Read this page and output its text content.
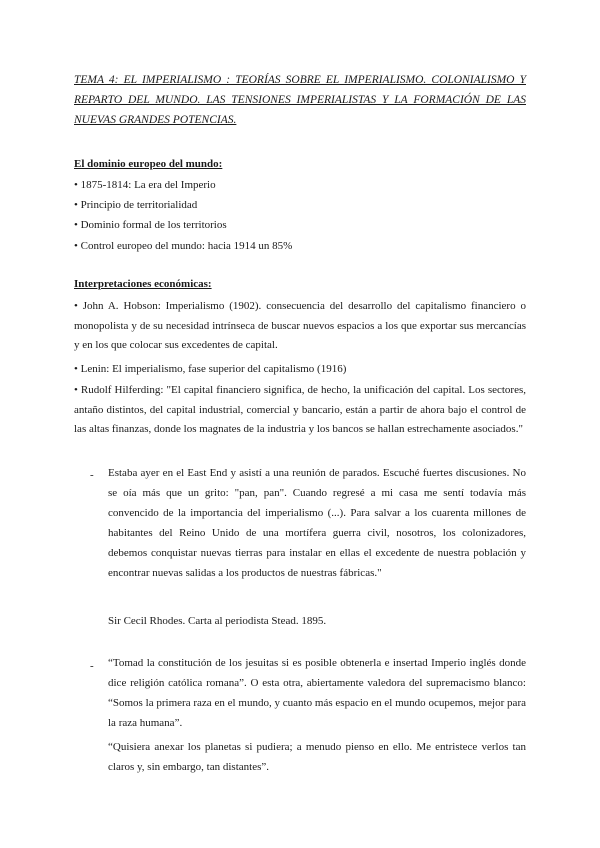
TEMA 4: EL IMPERIALISMO : TEORÍAS SOBRE EL IMPERIALISMO. COLONIALISMO Y REPARTO DEL MUNDO. LAS TENSIONES IMPERIALISTAS Y LA FORMACIÓN DE LAS NUEVAS GRANDES POTENCIAS.
El dominio europeo del mundo:
• 1875-1814: La era del Imperio
• Principio de territorialidad
• Dominio formal de los territorios
• Control europeo del mundo: hacia 1914 un 85%
Interpretaciones económicas:
• John A. Hobson: Imperialismo (1902). consecuencia del desarrollo del capitalismo financiero o monopolista y de su necesidad intrínseca de buscar nuevos espacios a los que exportar sus mercancías y en los que colocar sus excedentes de capital.
• Lenin: El imperialismo, fase superior del capitalismo (1916)
• Rudolf Hilferding: "El capital financiero significa, de hecho, la unificación del capital. Los sectores, antaño distintos, del capital industrial, comercial y bancario, están a partir de ahora bajo el control de las altas finanzas, donde los magnates de la industria y los bancos se hallan estrechamente asociados."
- Estaba ayer en el East End y asistí a una reunión de parados. Escuché fuertes discusiones. No se oía más que un grito: "pan, pan". Cuando regresé a mi casa me sentí todavía más convencido de la importancia del imperialismo (...). Para salvar a los cuarenta millones de habitantes del Reino Unido de una mortífera guerra civil, nosotros, los colonizadores, debemos conquistar nuevas tierras para instalar en ellas el excedente de nuestra población y encontrar nuevas salidas a los productos de nuestras fábricas."
Sir Cecil Rhodes. Carta al periodista Stead. 1895.
- “Tomad la constitución de los jesuitas si es posible obtenerla e insertad Imperio inglés donde dice religión católica romana”. O esta otra, abiertamente valedora del supremacismo blanco: “Somos la primera raza en el mundo, y cuanto más espacio en el mundo ocupemos, mejor para la raza humana”.
“Quisiera anexar los planetas si pudiera; a menudo pienso en ello. Me entristece verlos tan claros y, sin embargo, tan distantes”.
